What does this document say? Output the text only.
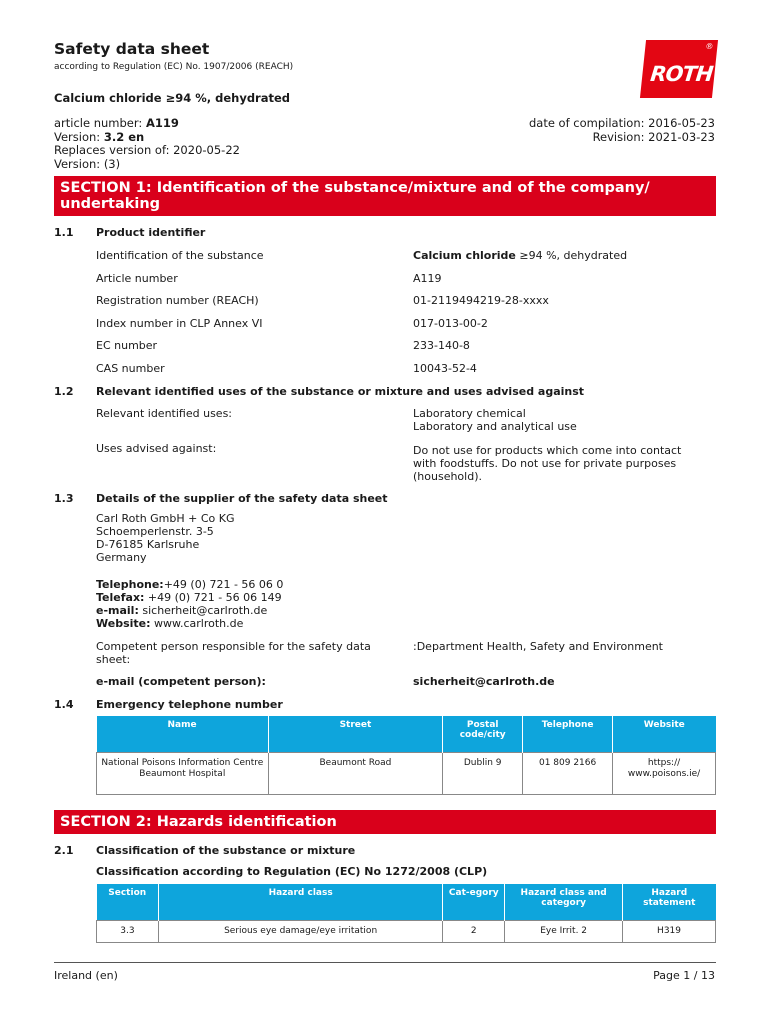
Safety data sheet
according to Regulation (EC) No. 1907/2006 (REACH)
®
ROTH
Calcium chloride ≥94 %, dehydrated
article number: A119
Version: 3.2 en
Replaces version of: 2020-05-22
Version: (3)
date of compilation: 2016-05-23
Revision: 2021-03-23
SECTION 1: Identification of the substance/mixture and of the company/
undertaking
1.1 Product identifier
Identification of the substance	Calcium chloride ≥94 %, dehydrated
Article number	A119
Registration number (REACH)	01-2119494219-28-xxxx
Index number in CLP Annex VI	017-013-00-2
EC number	233-140-8
CAS number	10043-52-4
1.2 Relevant identified uses of the substance or mixture and uses advised against
Relevant identified uses:	Laboratory chemical
Laboratory and analytical use
Uses advised against:	Do not use for products which come into contact
with foodstuffs. Do not use for private purposes
(household).
1.3 Details of the supplier of the safety data sheet
Carl Roth GmbH + Co KG
Schoemperlenstr. 3-5
D-76185 Karlsruhe
Germany
Telephone:+49 (0) 721 - 56 06 0
Telefax: +49 (0) 721 - 56 06 149
e-mail: sicherheit@carlroth.de
Website: www.carlroth.de
Competent person responsible for the safety data
sheet:
:Department Health, Safety and Environment
e-mail (competent person):	sicherheit@carlroth.de
1.4 Emergency telephone number
Name	Street	Postal code/city	Telephone	Website
National Poisons Information Centre Beaumont Hospital	Beaumont Road	Dublin 9	01 809 2166	https:// www.poisons.ie/
SECTION 2: Hazards identification
2.1 Classification of the substance or mixture
Classification according to Regulation (EC) No 1272/2008 (CLP)
Section	Hazard class	Cat-egory	Hazard class and category	Hazard statement
3.3	Serious eye damage/eye irritation	2	Eye Irrit. 2	H319
Ireland (en)	Page 1 / 13
